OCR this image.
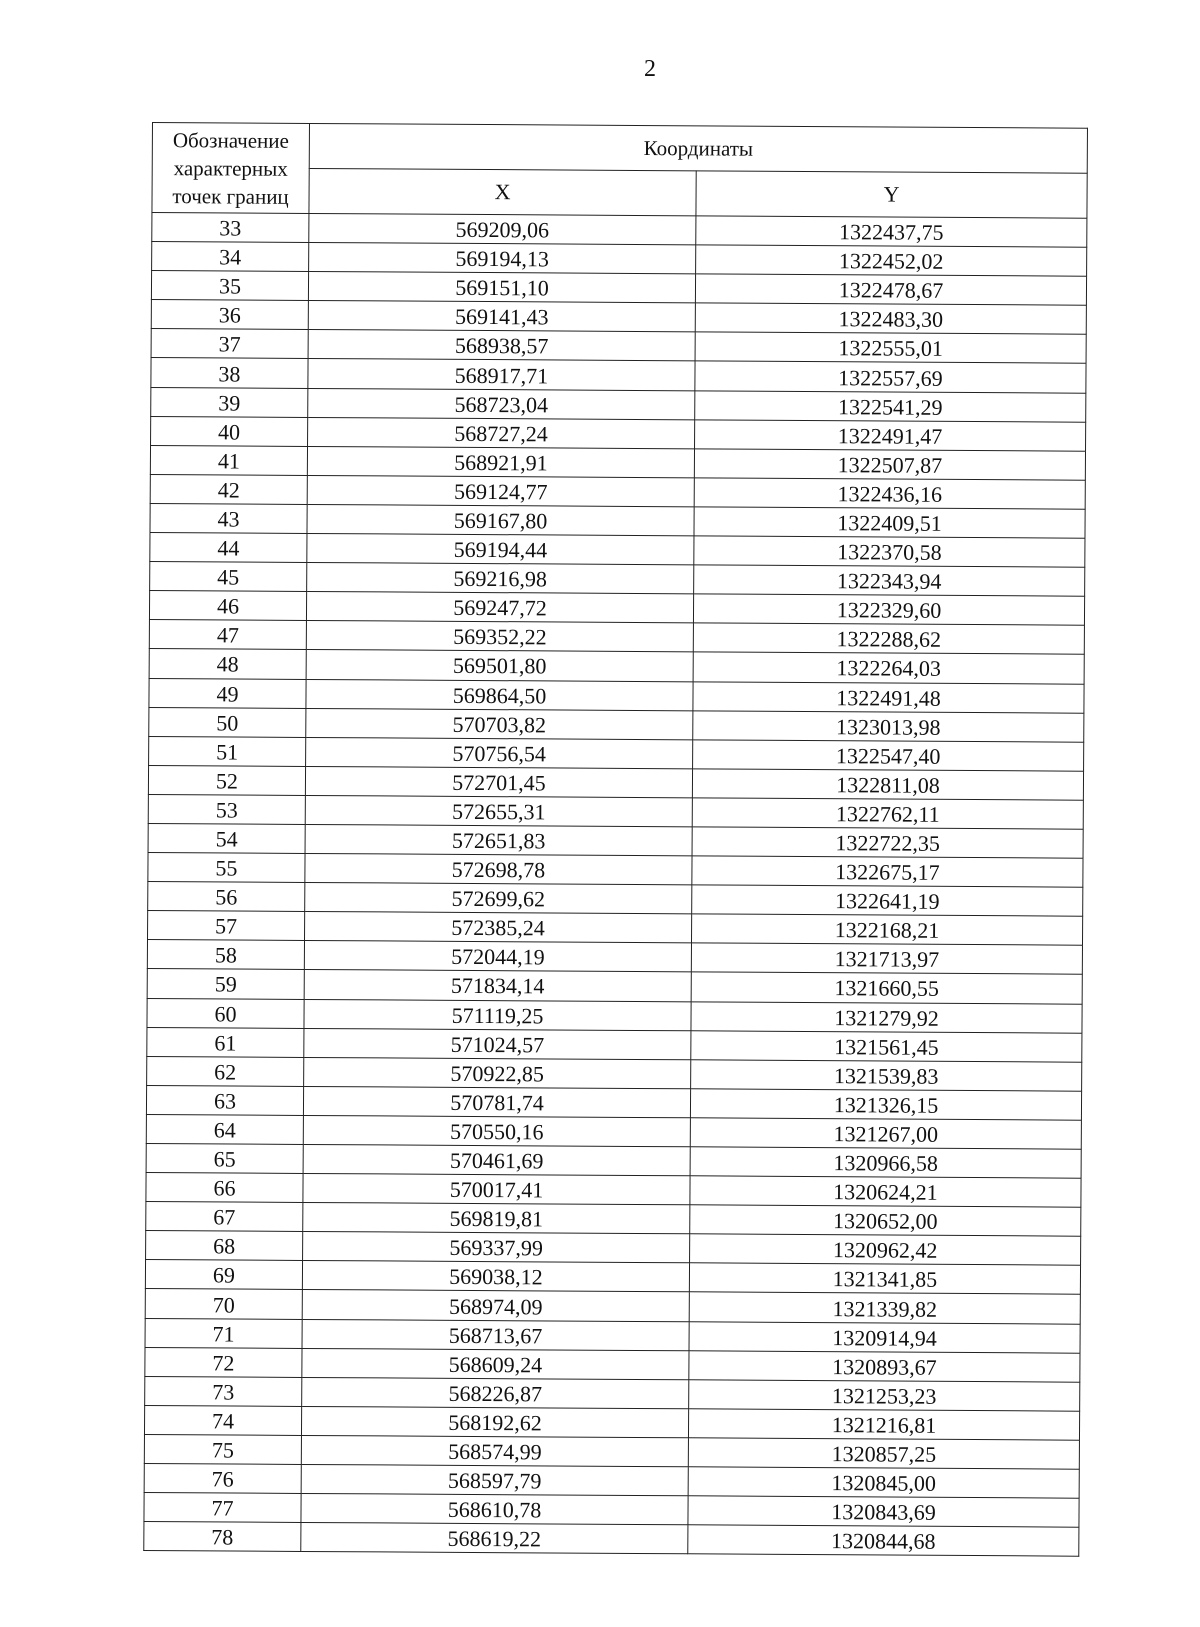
2
Обозначение характерных точек границ	Координаты	
	X	Y
33	569209,06	1322437,75
34	569194,13	1322452,02
35	569151,10	1322478,67
36	569141,43	1322483,30
37	568938,57	1322555,01
38	568917,71	1322557,69
39	568723,04	1322541,29
40	568727,24	1322491,47
41	568921,91	1322507,87
42	569124,77	1322436,16
43	569167,80	1322409,51
44	569194,44	1322370,58
45	569216,98	1322343,94
46	569247,72	1322329,60
47	569352,22	1322288,62
48	569501,80	1322264,03
49	569864,50	1322491,48
50	570703,82	1323013,98
51	570756,54	1322547,40
52	572701,45	1322811,08
53	572655,31	1322762,11
54	572651,83	1322722,35
55	572698,78	1322675,17
56	572699,62	1322641,19
57	572385,24	1322168,21
58	572044,19	1321713,97
59	571834,14	1321660,55
60	571119,25	1321279,92
61	571024,57	1321561,45
62	570922,85	1321539,83
63	570781,74	1321326,15
64	570550,16	1321267,00
65	570461,69	1320966,58
66	570017,41	1320624,21
67	569819,81	1320652,00
68	569337,99	1320962,42
69	569038,12	1321341,85
70	568974,09	1321339,82
71	568713,67	1320914,94
72	568609,24	1320893,67
73	568226,87	1321253,23
74	568192,62	1321216,81
75	568574,99	1320857,25
76	568597,79	1320845,00
77	568610,78	1320843,69
78	568619,22	1320844,68
